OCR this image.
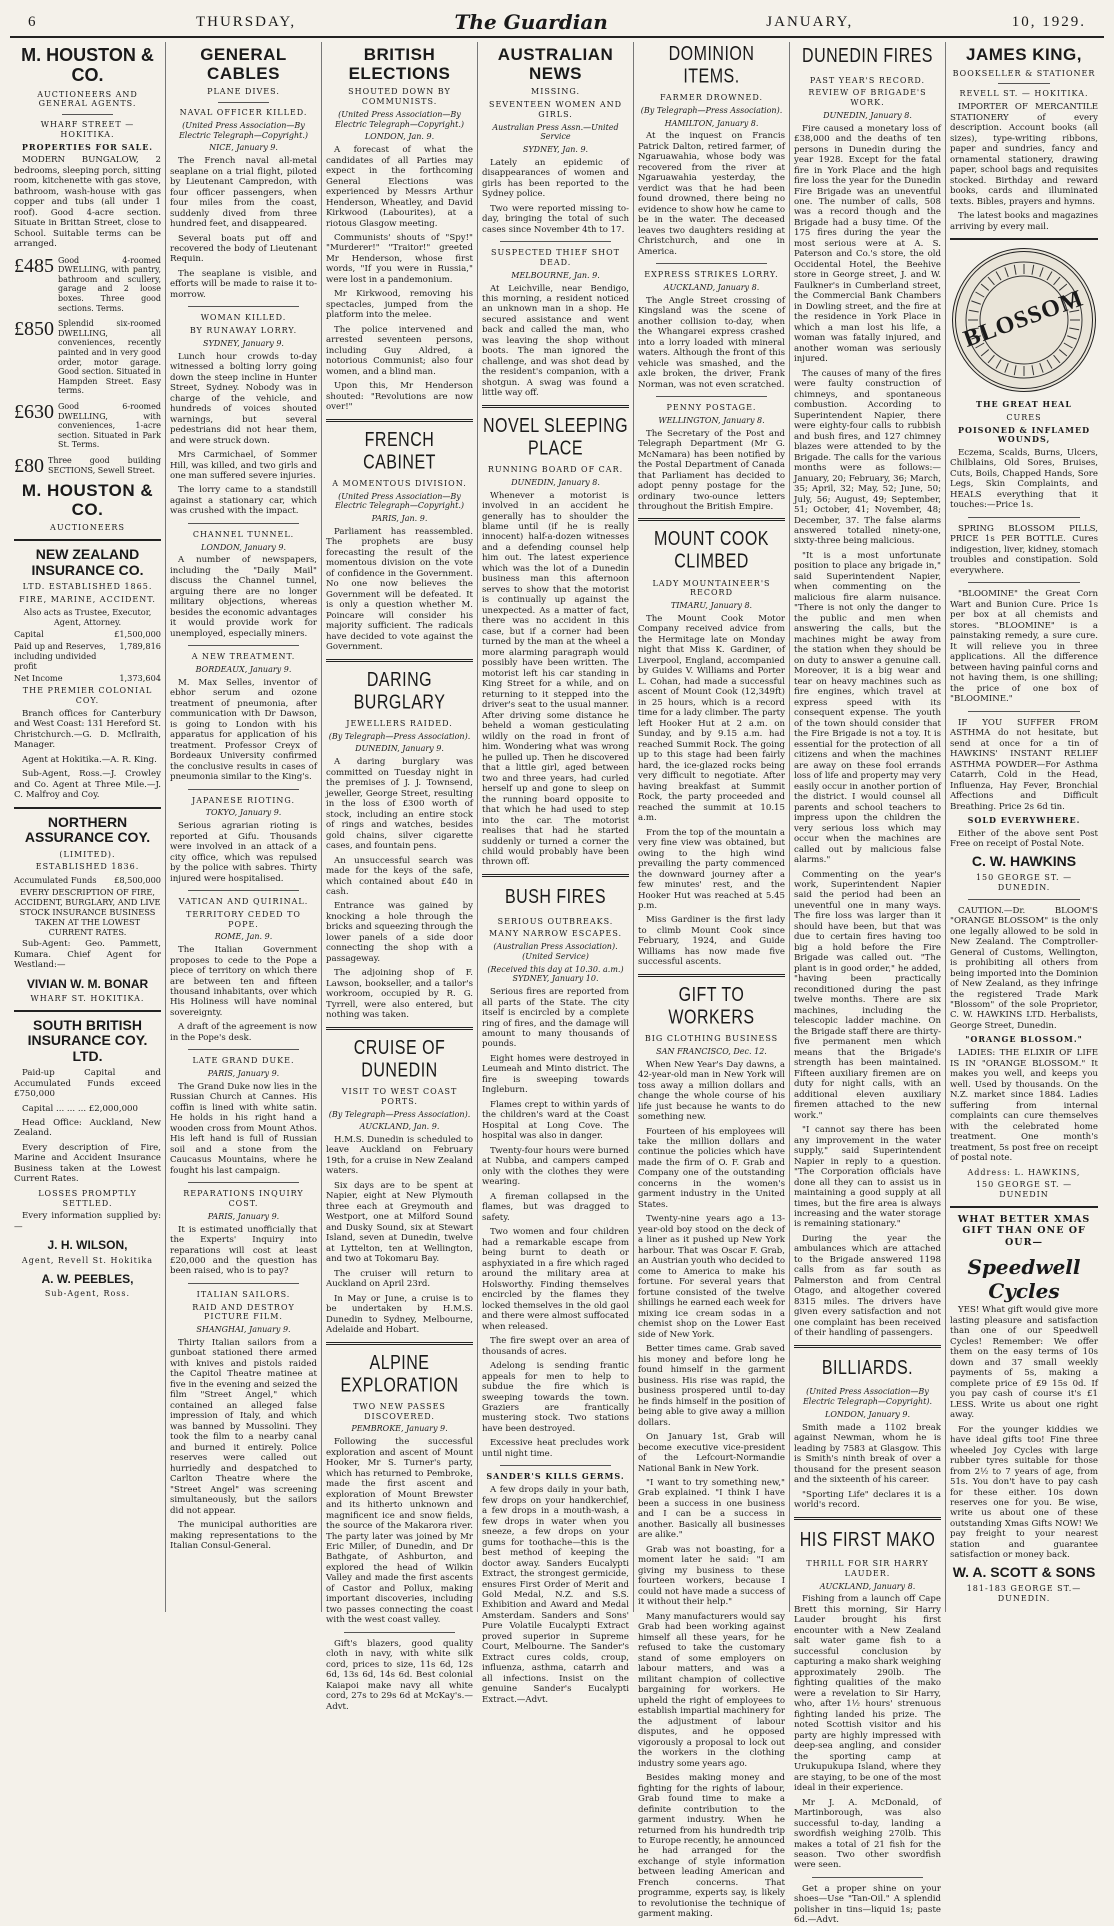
6	THURSDAY,	The Guardian	JANUARY,	10, 1929.
M. HOUSTON & CO.
AUCTIONEERS AND GENERAL AGENTS.
WHARF STREET — HOKITIKA.
PROPERTIES FOR SALE.

MODERN BUNGALOW, 2 bedrooms, sleeping porch, sitting room, kitchenette with gas stove, bathroom, wash-house with gas copper and tubs (all under 1 roof). Good 4-acre section. Situate in Brittan Street, close to School. Suitable terms can be arranged.

£485 Good 4-roomed DWELLING, with pantry, bathroom and scullery, garage and 2 loose boxes. Three good sections. Terms.
£850 Splendid six-roomed DWELLING, all conveniences, recently painted and in very good order, motor garage. Good section. Situated in Hampden Street. Easy terms.
£630 Good 6-roomed DWELLING, with conveniences, 1-acre section. Situated in Park St. Terms.
£80 Three good building SECTIONS, Sewell Street.
M. HOUSTON & CO.
AUCTIONEERS
NEW ZEALAND INSURANCE CO.
LTD. ESTABLISHED 1865.
FIRE, MARINE, ACCIDENT.
Also acts as Trustee, Executor, Agent, Attorney.
Capital	£1,500,000
Paid up and Reserves, including undivided profit
1,789,816
Net Income	1,373,604
THE PREMIER COLONIAL COY.

Branch offices for Canterbury and West Coast: 131 Hereford St. Christchurch.—G. D. McIlraith, Manager.

Agent at Hokitika.—A. R. King.

Sub-Agent, Ross.—J. Crowley and Co. Agent at Three Mile.—J. C. Malfroy and Coy.

NORTHERN ASSURANCE COY.
(LIMITED).
ESTABLISHED 1836.
Accumulated Funds £8,500,000
EVERY DESCRIPTION OF FIRE, ACCIDENT, BURGLARY, AND LIVE STOCK INSURANCE BUSINESS TAKEN AT THE LOWEST CURRENT RATES.

Sub-Agent: Geo. Pammett, Kumara. Chief Agent for Westland:—

VIVIAN W. M. BONAR
WHARF ST. HOKITIKA.
SOUTH BRITISH INSURANCE COY. LTD.

Paid-up Capital and Accumulated Funds exceed £750,000

Capital ... ... ... £2,000,000

Head Office: Auckland, New Zealand.

Every description of Fire, Marine and Accident Insurance Business taken at the Lowest Current Rates.

LOSSES PROMPTLY SETTLED.

Every information supplied by:—

J. H. WILSON,
Agent, Revell St. Hokitika
A. W. PEEBLES,
Sub-Agent, Ross.
GENERAL CABLES
PLANE DIVES.
NAVAL OFFICER KILLED.
(United Press Association—By Electric Telegraph—Copyright.)
NICE, January 9.

The French naval all-metal seaplane on a trial flight, piloted by Lieutenant Campredon, with four officer passengers, when four miles from the coast, suddenly dived from three hundred feet, and disappeared.

Several boats put off and recovered the body of Lieutenant Requin.

The seaplane is visible, and efforts will be made to raise it to-morrow.

WOMAN KILLED.
BY RUNAWAY LORRY.
SYDNEY, January 9.

Lunch hour crowds to-day witnessed a bolting lorry going down the steep incline in Hunter Street, Sydney. Nobody was in charge of the vehicle, and hundreds of voices shouted warnings, but several pedestrians did not hear them, and were struck down.

Mrs Carmichael, of Sommer Hill, was killed, and two girls and one man suffered severe injuries.

The lorry came to a standstill against a stationary car, which was crushed with the impact.

CHANNEL TUNNEL.
LONDON, January 9.

A number of newspapers, including the "Daily Mail" discuss the Channel tunnel, arguing there are no longer military objections, whereas besides the economic advantages it would provide work for unemployed, especially miners.

A NEW TREATMENT.
BORDEAUX, January 9.

M. Max Selles, inventor of ebhor serum and ozone treatment of pneumonia, after communication with Dr Dawson, is going to London with his apparatus for application of his treatment. Professor Creyx of Bordeaux University confirmed the conclusive results in cases of pneumonia similar to the King's.

JAPANESE RIOTING.
TOKYO, January 9.

Serious agrarian rioting is reported at Gifu. Thousands were involved in an attack of a city office, which was repulsed by the police with sabres. Thirty injured were hospitalised.

VATICAN AND QUIRINAL.
TERRITORY CEDED TO POPE.
ROME, Jan. 9.

The Italian Government proposes to cede to the Pope a piece of territory on which there are between ten and fifteen thousand inhabitants, over which His Holiness will have nominal sovereignty.

A draft of the agreement is now in the Pope's desk.

LATE GRAND DUKE.
PARIS, January 9.

The Grand Duke now lies in the Russian Church at Cannes. His coffin is lined with white satin. He holds in his right hand a wooden cross from Mount Athos. His left hand is full of Russian soil and a stone from the Caucasus Mountains, where he fought his last campaign.

REPARATIONS INQUIRY COST.
PARIS, January 9.

It is estimated unofficially that the Experts' Inquiry into reparations will cost at least £20,000 and the question has been raised, who is to pay?

ITALIAN SAILORS.
RAID AND DESTROY PICTURE FILM.
SHANGHAI, January 9.

Thirty Italian sailors from a gunboat stationed there armed with knives and pistols raided the Capitol Theatre matinee at five in the evening and seized the film "Street Angel," which contained an alleged false impression of Italy, and which was banned by Mussolini. They took the film to a nearby canal and burned it entirely. Police reserves were called out hurriedly and despatched to Carlton Theatre where the "Street Angel" was screening simultaneously, but the sailors did not appear.

The municipal authorities are making representations to the Italian Consul-General.

BRITISH ELECTIONS
SHOUTED DOWN BY COMMUNISTS.
(United Press Association—By Electric Telegraph—Copyright.)
LONDON, Jan. 9.

A forecast of what the candidates of all Parties may expect in the forthcoming General Elections was experienced by Messrs Arthur Henderson, Wheatley, and David Kirkwood (Labourites), at a riotous Glasgow meeting.

Communists' shouts of "Spy!" "Murderer!" "Traitor!" greeted Mr Henderson, whose first words, "If you were in Russia," were lost in a pandemonium.

Mr Kirkwood, removing his spectacles, jumped from the platform into the melee.

The police intervened and arrested seventeen persons, including Guy Aldred, a notorious Communist; also four women, and a blind man.

Upon this, Mr Henderson shouted: "Revolutions are now over!"

FRENCH CABINET
A MOMENTOUS DIVISION.
(United Press Association—By Electric Telegraph—Copyright.)
PARIS, Jan. 9.

Parliament has reassembled. The prophets are busy forecasting the result of the momentous division on the vote of confidence in the Government. No one now believes the Government will be defeated. It is only a question whether M. Poincare will consider his majority sufficient. The radicals have decided to vote against the Government.

DARING BURGLARY
JEWELLERS RAIDED.
(By Telegraph—Press Association).
DUNEDIN, January 9.

A daring burglary was committed on Tuesday night in the premises of J. J. Townsend, jeweller, George Street, resulting in the loss of £300 worth of stock, including an entire stock of rings and watches, besides gold chains, silver cigarette cases, and fountain pens.

An unsuccessful search was made for the keys of the safe, which contained about £40 in cash.

Entrance was gained by knocking a hole through the bricks and squeezing through the lower panels of a side door connecting the shop with a passageway.

The adjoining shop of F. Lawson, bookseller, and a tailor's workroom, occupied by R. G. Tyrrell, were also entered, but nothing was taken.

CRUISE OF DUNEDIN
VISIT TO WEST COAST PORTS.
(By Telegraph—Press Association).
AUCKLAND, Jan. 9.

H.M.S. Dunedin is scheduled to leave Auckland on February 19th, for a cruise in New Zealand waters.

Six days are to be spent at Napier, eight at New Plymouth three each at Greymouth and Westport, one at Milford Sound and Dusky Sound, six at Stewart Island, seven at Dunedin, twelve at Lyttelton, ten at Wellington, and two at Tokomaru Bay.

The cruiser will return to Auckland on April 23rd.

In May or June, a cruise is to be undertaken by H.M.S. Dunedin to Sydney, Melbourne, Adelaide and Hobart.

ALPINE EXPLORATION
TWO NEW PASSES DISCOVERED.
PEMBROKE, January 9.

Following the successful exploration and ascent of Mount Hooker, Mr S. Turner's party, which has returned to Pembroke, made the first ascent and exploration of Mount Brewster and its hitherto unknown and magnificent ice and snow fields, the source of the Makarora river. The party later was joined by Mr Eric Miller, of Dunedin, and Dr Bathgate, of Ashburton, and explored the head of Wilkin Valley and made the first ascents of Castor and Pollux, making important discoveries, including two passes connecting the coast with the west coast valley.

Gift's blazers, good quality cloth in navy, with white silk cord, prices to size, 11s 6d, 12s 6d, 13s 6d, 14s 6d. Best colonial Kaiapoi make navy all white cord, 27s to 29s 6d at McKay's.—Advt.

AUSTRALIAN NEWS
MISSING.
SEVENTEEN WOMEN AND GIRLS.
Australian Press Assn.—United Service
SYDNEY, Jan. 9.

Lately an epidemic of disappearances of women and girls has been reported to the Sydney police.

Two were reported missing to-day, bringing the total of such cases since November 4th to 17.

SUSPECTED THIEF SHOT DEAD.
MELBOURNE, Jan. 9.

At Leichville, near Bendigo, this morning, a resident noticed an unknown man in a shop. He secured assistance and went back and called the man, who was leaving the shop without boots. The man ignored the challenge, and was shot dead by the resident's companion, with a shotgun. A swag was found a little way off.

NOVEL SLEEPING PLACE
RUNNING BOARD OF CAR.
DUNEDIN, January 8.

Whenever a motorist is involved in an accident he generally has to shoulder the blame until (if he is really innocent) half-a-dozen witnesses and a defending counsel help him out. The latest experience which was the lot of a Dunedin business man this afternoon serves to show that the motorist is continually up against the unexpected. As a matter of fact, there was no accident in this case, but if a corner had been turned by the man at the wheel a more alarming paragraph would possibly have been written. The motorist left his car standing in King Street for a while, and on returning to it stepped into the driver's seat to the usual manner. After driving some distance he beheld a woman gesticulating wildly on the road in front of him. Wondering what was wrong he pulled up. Then he discovered that a little girl, aged between two and three years, had curled herself up and gone to sleep on the running board opposite to that which he had used to step into the car. The motorist realises that had he started suddenly or turned a corner the child would probably have been thrown off.

BUSH FIRES
SERIOUS OUTBREAKS.
MANY NARROW ESCAPES.
(Australian Press Association). (United Service)
(Received this day at 10.30. a.m.) SYDNEY, January 10.

Serious fires are reported from all parts of the State. The city itself is encircled by a complete ring of fires, and the damage will amount to many thousands of pounds.

Eight homes were destroyed in Leumeah and Minto district. The fire is sweeping towards Ingleburn.

Flames crept to within yards of the children's ward at the Coast Hospital at Long Cove. The hospital was also in danger.

Twenty-four hours were burned at Nubba, and campers camped only with the clothes they were wearing.

A fireman collapsed in the flames, but was dragged to safety.

Two women and four children had a remarkable escape from being burnt to death or asphyxiated in a fire which raged around the military area at Holsworthy. Finding themselves encircled by the flames they locked themselves in the old gaol and there were almost suffocated when released.

The fire swept over an area of thousands of acres.

Adelong is sending frantic appeals for men to help to subdue the fire which is sweeping towards the town. Graziers are frantically mustering stock. Two stations have been destroyed.

Excessive heat precludes work until night time.

SANDER'S KILLS GERMS.

A few drops daily in your bath, few drops on your handkerchief, a few drops in a mouth-wash, a few drops in water when you sneeze, a few drops on your gums for toothache—this is the best method of keeping the doctor away. Sanders Eucalypti Extract, the strongest germicide, ensures First Order of Merit and Gold Medal, N.Z. and S.S. Exhibition and Award and Medal Amsterdam. Sanders and Sons' Pure Volatile Eucalypti Extract proved superior in Supreme Court, Melbourne. The Sander's Extract cures colds, croup, influenza, asthma, catarrh and all infections. Insist on the genuine Sander's Eucalypti Extract.—Advt.

DOMINION ITEMS.
FARMER DROWNED.
(By Telegraph—Press Association).
HAMILTON, January 8.

At the inquest on Francis Patrick Dalton, retired farmer, of Ngaruawahia, whose body was recovered from the river at Ngaruawahia yesterday, the verdict was that he had been found drowned, there being no evidence to show how he came to be in the water. The deceased leaves two daughters residing at Christchurch, and one in America.

EXPRESS STRIKES LORRY.
AUCKLAND, January 8.

The Angle Street crossing of Kingsland was the scene of another collision to-day, when the Whangarei express crashed into a lorry loaded with mineral waters. Although the front of this vehicle was smashed, and the axle broken, the driver, Frank Norman, was not even scratched.

PENNY POSTAGE.
WELLINGTON, January 8.

The Secretary of the Post and Telegraph Department (Mr G. McNamara) has been notified by the Postal Department of Canada that Parliament has decided to adopt penny postage for the ordinary two-ounce letters throughout the British Empire.

MOUNT COOK CLIMBED
LADY MOUNTAINEER'S RECORD
TIMARU, January 8.

The Mount Cook Motor Company received advice from the Hermitage late on Monday night that Miss K. Gardiner, of Liverpool, England, accompanied by Guides V. Williams and Porter L. Cohan, had made a successful ascent of Mount Cook (12,349ft) in 25 hours, which is a record time for a lady climber. The party left Hooker Hut at 2 a.m. on Sunday, and by 9.15 a.m. had reached Summit Rock. The going up to this stage had been fairly hard, the ice-glazed rocks being very difficult to negotiate. After having breakfast at Summit Rock, the party proceeded and reached the summit at 10.15 a.m.

From the top of the mountain a very fine view was obtained, but owing to the high wind prevailing the party commenced the downward journey after a few minutes' rest, and the Hooker Hut was reached at 5.45 p.m.

Miss Gardiner is the first lady to climb Mount Cook since February, 1924, and Guide Williams has now made five successful ascents.

GIFT TO WORKERS
BIG CLOTHING BUSINESS
SAN FRANCISCO, Dec. 12.

When New Year's Day dawns, a 42-year-old man in New York will toss away a million dollars and change the whole course of his life just because he wants to do something new.

Fourteen of his employees will take the million dollars and continue the policies which have made the firm of O. F. Grab and Company one of the outstanding concerns in the women's garment industry in the United States.

Twenty-nine years ago a 13-year-old boy stood on the deck of a liner as it pushed up New York harbour. That was Oscar F. Grab, an Austrian youth who decided to come to America to make his fortune. For several years that fortune consisted of the twelve shillings he earned each week for mixing ice cream sodas in a chemist shop on the Lower East side of New York.

Better times came. Grab saved his money and before long he found himself in the garment business. His rise was rapid, the business prospered until to-day he finds himself in the position of being able to give away a million dollars.

On January 1st, Grab will become executive vice-president of the Lefcourt-Normandie National Bank in New York.

"I want to try something new," Grab explained. "I think I have been a success in one business and I can be a success in another. Basically all businesses are alike."

Grab was not boasting, for a moment later he said: "I am giving my business to these fourteen workers, because I could not have made a success of it without their help."

Many manufacturers would say Grab had been working against himself all these years, for he refused to take the customary stand of some employers on labour matters, and was a militant champion of collective bargaining for workers. He upheld the right of employees to establish impartial machinery for the adjustment of labour disputes, and he opposed vigorously a proposal to lock out the workers in the clothing industry some years ago.

Besides making money and fighting for the rights of labour, Grab found time to make a definite contribution to the garment industry. When he returned from his hundredth trip to Europe recently, he announced he had arranged for the exchange of style information between leading American and French concerns. That programme, experts say, is likely to revolutionise the technique of garment making.

DUNEDIN FIRES
PAST YEAR'S RECORD.
REVIEW OF BRIGADE'S WORK.
DUNEDIN, January 8.

Fire caused a monetary loss of £38,000 and the deaths of ten persons in Dunedin during the year 1928. Except for the fatal fire in York Place and the high fire loss the year for the Dunedin Fire Brigade was an uneventful one. The number of calls, 508 was a record though and the Brigade had a busy time. Of the 175 fires during the year the most serious were at A. S. Paterson and Co.'s store, the old Occidental Hotel, the Beehive store in George street, J. and W. Faulkner's in Cumberland street, the Commercial Bank Chambers in Dowling street, and the fire at the residence in York Place in which a man lost his life, a woman was fatally injured, and another woman was seriously injured.

The causes of many of the fires were faulty construction of chimneys, and spontaneous combustion. According to Superintendent Napier, there were eighty-four calls to rubbish and bush fires, and 127 chimney blazes were attended to by the Brigade. The calls for the various months were as follows:—January, 20; February, 36; March, 35; April, 32; May, 52; June, 50; July, 56; August, 49; September, 51; October, 41; November, 48; December, 37. The false alarms answered totalled ninety-one, sixty-three being malicious.

"It is a most unfortunate position to place any brigade in," said Superintendent Napier, when commenting on the malicious fire alarm nuisance. "There is not only the danger to the public and men when answering the calls, but the machines might be away from the station when they should be on duty to answer a genuine call. Moreover, it is a big wear and tear on heavy machines such as fire engines, which travel at express speed with its consequent expense. The youth of the town should consider that the Fire Brigade is not a toy. It is essential for the protection of all citizens and when the machines are away on these fool errands loss of life and property may very easily occur in another portion of the district. I would counsel all parents and school teachers to impress upon the children the very serious loss which may occur when the machines are called out by malicious false alarms."

Commenting on the year's work, Superintendent Napier said the period had been an uneventful one in many ways. The fire loss was larger than it should have been, but that was due to certain fires having too big a hold before the Fire Brigade was called out. "The plant is in good order," he added, "having been practically reconditioned during the past twelve months. There are six machines, including the telescopic ladder machine. On the Brigade staff there are thirty-five permanent men which means that the Brigade's strength has been maintained. Fifteen auxiliary firemen are on duty for night calls, with an additional eleven auxiliary firemen attached to the new work."

"I cannot say there has been any improvement in the water supply," said Superintendent Napier in reply to a question. "The Corporation officials have done all they can to assist us in maintaining a good supply at all times, but the fire area is always increasing and the water storage is remaining stationary."

During the year the ambulances which are attached to the Brigade answered 1198 calls from as far south as Palmerston and from Central Otago, and altogether covered 8315 miles. The drivers have given every satisfaction and not one complaint has been received of their handling of passengers.

BILLIARDS.
(United Press Association—By Electric Telegraph—Copyright).
LONDON, January 9.

Smith made a 1102 break against Newman, whom he is leading by 7583 at Glasgow. This is Smith's ninth break of over a thousand for the present season and the sixteenth of his career.

"Sporting Life" declares it is a world's record.

HIS FIRST MAKO
THRILL FOR SIR HARRY LAUDER.
AUCKLAND, January 8.

Fishing from a launch off Cape Brett this morning, Sir Harry Lauder brought his first encounter with a New Zealand salt water game fish to a successful conclusion by capturing a mako shark weighing approximately 290lb. The fighting qualities of the mako were a revelation to Sir Harry, who, after 1½ hours' strenuous fighting landed his prize. The noted Scottish visitor and his party are highly impressed with deep-sea angling, and consider the sporting camp at Urukupukupa Island, where they are staying, to be one of the most ideal in their experience.

Mr J. A. McDonald, of Martinborough, was also successful to-day, landing a swordfish weighing 270lb. This makes a total of 21 fish for the season. Two other swordfish were seen.

Get a proper shine on your shoes—Use "Tan-Oil." A splendid polisher in tins—liquid 1s; paste 6d.—Advt.

JAMES KING,
BOOKSELLER & STATIONER
REVELL ST. — HOKITIKA.

IMPORTER OF MERCANTILE STATIONERY of every description. Account books (all sizes), type-writing ribbons, paper and sundries, fancy and ornamental stationery, drawing paper, school bags and requisites stocked. Birthday and reward books, cards and illuminated texts. Bibles, prayers and hymns.

The latest books and magazines arriving by every mail.

BLOSSOM
THE GREAT HEAL
CURES
POISONED & INFLAMED WOUNDS,

Eczema, Scalds, Burns, Ulcers, Chilblains, Old Sores, Bruises, Cuts, Boils, Chapped Hands, Sore Legs, Skin Complaints, and HEALS everything that it touches:—Price 1s.

SPRING BLOSSOM PILLS, PRICE 1s PER BOTTLE. Cures indigestion, liver, kidney, stomach troubles and constipation. Sold everywhere.

"BLOOMINE" the Great Corn Wart and Bunion Cure. Price 1s per box at all chemists and stores. "BLOOMINE" is a painstaking remedy, a sure cure. It will relieve you in three applications. All the difference between having painful corns and not having them, is one shilling; the price of one box of "BLOOMINE."

IF YOU SUFFER FROM ASTHMA do not hesitate, but send at once for a tin of HAWKINS' INSTANT RELIEF ASTHMA POWDER—For Asthma Catarrh, Cold in the Head, Influenza, Hay Fever, Bronchial Affections and Difficult Breathing. Price 2s 6d tin.

SOLD EVERYWHERE.

Either of the above sent Post Free on receipt of Postal Note.

C. W. HAWKINS
150 GEORGE ST. — DUNEDIN.

CAUTION.—Dr. BLOOM'S "ORANGE BLOSSOM" is the only one legally allowed to be sold in New Zealand. The Comptroller-General of Customs, Wellington, is prohibiting all others from being imported into the Dominion of New Zealand, as they infringe the registered Trade Mark "Blossom" of the sole Proprietor, C. W. HAWKINS LTD. Herbalists, George Street, Dunedin.

"ORANGE BLOSSOM."

LADIES: THE ELIXIR OF LIFE IS IN "ORANGE BLOSSOM." It makes you well, and keeps you well. Used by thousands. On the N.Z. market since 1884. Ladies suffering from internal complaints can cure themselves with the celebrated home treatment. One month's treatment, 5s post free on receipt of postal note.

Address: L. HAWKINS,
150 GEORGE ST. — DUNEDIN
WHAT BETTER XMAS GIFT THAN ONE OF OUR—
Speedwell Cycles

YES! What gift would give more lasting pleasure and satisfaction than one of our Speedwell Cycles! Remember: We offer them on the easy terms of 10s down and 37 small weekly payments of 5s, making a complete price of £9 15s 0d. If you pay cash of course it's £1 LESS. Write us about one right away.

For the younger kiddies we have ideal gifts too! Fine three wheeled Joy Cycles with large rubber tyres suitable for those from 2½ to 7 years of age, from 51s. You don't have to pay cash for these either. 10s down reserves one for you. Be wise, write us about one of these outstanding Xmas Gifts NOW! We pay freight to your nearest station and guarantee satisfaction or money back.

W. A. SCOTT & SONS
181-183 GEORGE ST.—DUNEDIN.
